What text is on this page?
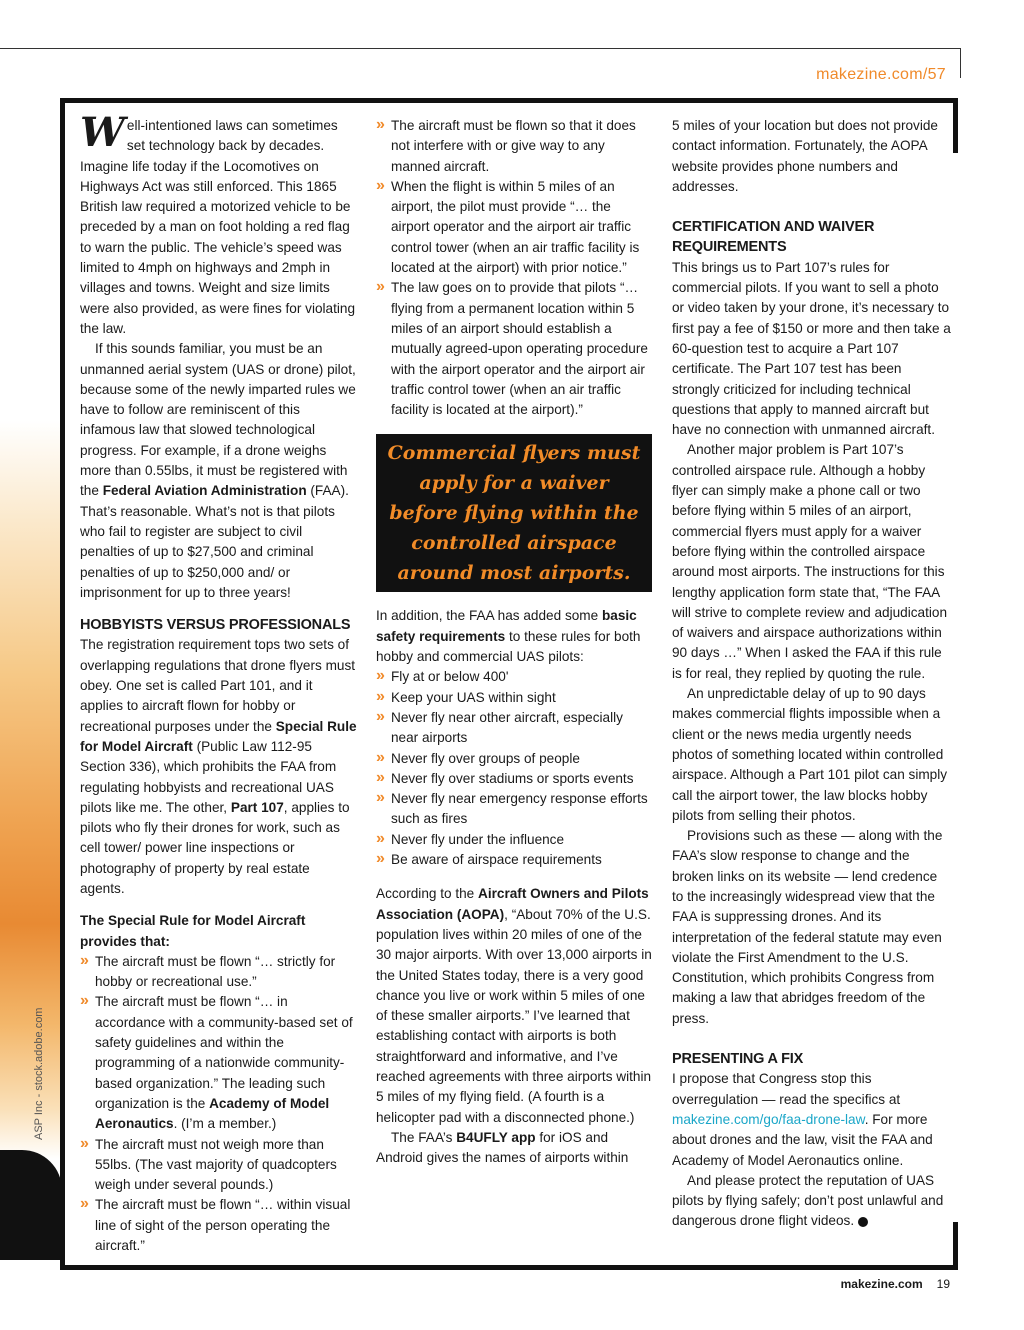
ASP Inc - stock.adobe.com
makezine.com/57

Well-intentioned laws can sometimes set technology back by decades. Imagine life today if the Locomotives on Highways Act was still enforced. This 1865 British law required a motorized vehicle to be preceded by a man on foot holding a red flag to warn the public. The vehicle’s speed was limited to 4mph on highways and 2mph in villages and towns. Weight and size limits were also provided, as were fines for violating the law.

If this sounds familiar, you must be an unmanned aerial system (UAS or drone) pilot, because some of the newly imparted rules we have to follow are reminiscent of this infamous law that slowed technological progress. For example, if a drone weighs more than 0.55lbs, it must be registered with the Federal Aviation Administration (FAA). That’s reasonable. What’s not is that pilots who fail to register are subject to civil penalties of up to $27,500 and criminal penalties of up to $250,000 and/ or imprisonment for up to three years!

HOBBYISTS VERSUS PROFESSIONALS

The registration requirement tops two sets of overlapping regulations that drone flyers must obey. One set is called Part 101, and it applies to aircraft flown for hobby or recreational purposes under the Special Rule for Model Aircraft (Public Law 112-95 Section 336), which prohibits the FAA from regulating hobbyists and recreational UAS pilots like me. The other, Part 107, applies to pilots who fly their drones for work, such as cell tower/ power line inspections or photography of property by real estate agents.

The Special Rule for Model Aircraft provides that:

» The aircraft must be flown “… strictly for hobby or recreational use.”
» The aircraft must be flown “… in accordance with a community-based set of safety guidelines and within the programming of a nationwide community-based organization.” The leading such organization is the Academy of Model Aeronautics. (I’m a member.)
» The aircraft must not weigh more than 55lbs. (The vast majority of quadcopters weigh under several pounds.)
» The aircraft must be flown “… within visual line of sight of the person operating the aircraft.”
» The aircraft must be flown so that it does not interfere with or give way to any manned aircraft.
» When the flight is within 5 miles of an airport, the pilot must provide “… the airport operator and the airport air traffic control tower (when an air traffic facility is located at the airport) with prior notice.”
» The law goes on to provide that pilots “… flying from a permanent location within 5 miles of an airport should establish a mutually agreed-upon operating procedure with the airport operator and the airport air traffic control tower (when an air traffic facility is located at the airport).”
Commercial flyers must apply for a waiver before flying within the controlled airspace around most airports.

In addition, the FAA has added some basic safety requirements to these rules for both hobby and commercial UAS pilots:

» Fly at or below 400'
» Keep your UAS within sight
» Never fly near other aircraft, especially near airports
» Never fly over groups of people
» Never fly over stadiums or sports events
» Never fly near emergency response efforts such as fires
» Never fly under the influence
» Be aware of airspace requirements

According to the Aircraft Owners and Pilots Association (AOPA), “About 70% of the U.S. population lives within 20 miles of one of the 30 major airports. With over 13,000 airports in the United States today, there is a very good chance you live or work within 5 miles of one of these smaller airports.” I’ve learned that establishing contact with airports is both straightforward and informative, and I’ve reached agreements with three airports within 5 miles of my flying field. (A fourth is a helicopter pad with a disconnected phone.)

The FAA’s B4UFLY app for iOS and Android gives the names of airports within

5 miles of your location but does not provide contact information. Fortunately, the AOPA website provides phone numbers and addresses.

CERTIFICATION AND WAIVER REQUIREMENTS

This brings us to Part 107’s rules for commercial pilots. If you want to sell a photo or video taken by your drone, it’s necessary to first pay a fee of $150 or more and then take a 60-question test to acquire a Part 107 certificate. The Part 107 test has been strongly criticized for including technical questions that apply to manned aircraft but have no connection with unmanned aircraft.

Another major problem is Part 107’s controlled airspace rule. Although a hobby flyer can simply make a phone call or two before flying within 5 miles of an airport, commercial flyers must apply for a waiver before flying within the controlled airspace around most airports. The instructions for this lengthy application form state that, “The FAA will strive to complete review and adjudication of waivers and airspace authorizations within 90 days …” When I asked the FAA if this rule is for real, they replied by quoting the rule.

An unpredictable delay of up to 90 days makes commercial flights impossible when a client or the news media urgently needs photos of something located within controlled airspace. Although a Part 101 pilot can simply call the airport tower, the law blocks hobby pilots from selling their photos.

Provisions such as these — along with the FAA’s slow response to change and the broken links on its website — lend credence to the increasingly widespread view that the FAA is suppressing drones. And its interpretation of the federal statute may even violate the First Amendment to the U.S. Constitution, which prohibits Congress from making a law that abridges freedom of the press.

PRESENTING A FIX

I propose that Congress stop this overregulation — read the specifics at makezine.com/go/faa-drone-law. For more about drones and the law, visit the FAA and Academy of Model Aeronautics online.

And please protect the reputation of UAS pilots by flying safely; don’t post unlawful and dangerous drone flight videos. ✓

makezine.com 19
